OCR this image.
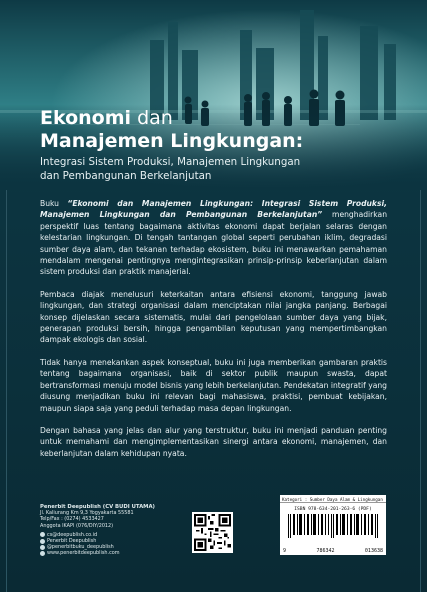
Ekonomi dan
Manajemen Lingkungan:
Integrasi Sistem Produksi, Manajemen Lingkungan
dan Pembangunan Berkelanjutan

Buku “Ekonomi dan Manajemen Lingkungan: Integrasi Sistem Produksi, Manajemen Lingkungan dan Pembangunan Berkelanjutan” menghadirkan perspektif luas tentang bagaimana aktivitas ekonomi dapat berjalan selaras dengan kelestarian lingkungan. Di tengah tantangan global seperti perubahan iklim, degradasi sumber daya alam, dan tekanan terhadap ekosistem, buku ini menawarkan pemahaman mendalam mengenai pentingnya mengintegrasikan prinsip-prinsip keberlanjutan dalam sistem produksi dan praktik manajerial.

Pembaca diajak menelusuri keterkaitan antara efisiensi ekonomi, tanggung jawab lingkungan, dan strategi organisasi dalam menciptakan nilai jangka panjang. Berbagai konsep dijelaskan secara sistematis, mulai dari pengelolaan sumber daya yang bijak, penerapan produksi bersih, hingga pengambilan keputusan yang mempertimbangkan dampak ekologis dan sosial.

Tidak hanya menekankan aspek konseptual, buku ini juga memberikan gambaran praktis tentang bagaimana organisasi, baik di sektor publik maupun swasta, dapat bertransformasi menuju model bisnis yang lebih berkelanjutan. Pendekatan integratif yang diusung menjadikan buku ini relevan bagi mahasiswa, praktisi, pembuat kebijakan, maupun siapa saja yang peduli terhadap masa depan lingkungan.

Dengan bahasa yang jelas dan alur yang terstruktur, buku ini menjadi panduan penting untuk memahami dan mengimplementasikan sinergi antara ekonomi, manajemen, dan keberlanjutan dalam kehidupan nyata.

Penerbit Deepublish (CV BUDI UTAMA)
Jl. Kaliurang Km 9,3 Yogyakarta 55581
Telp/Fax : (0274) 4533427
Anggota IKAPI (076/DIY/2012)
cs@deepublish.co.id
Penerbit Deepublish
@penerbitbuku_deepublish
www.penerbitdeepublish.com
Kategori : Sumber Daya Alam & Lingkungan
ISBN 978-634-201-263-6 (PDF)
9	786342	013638
